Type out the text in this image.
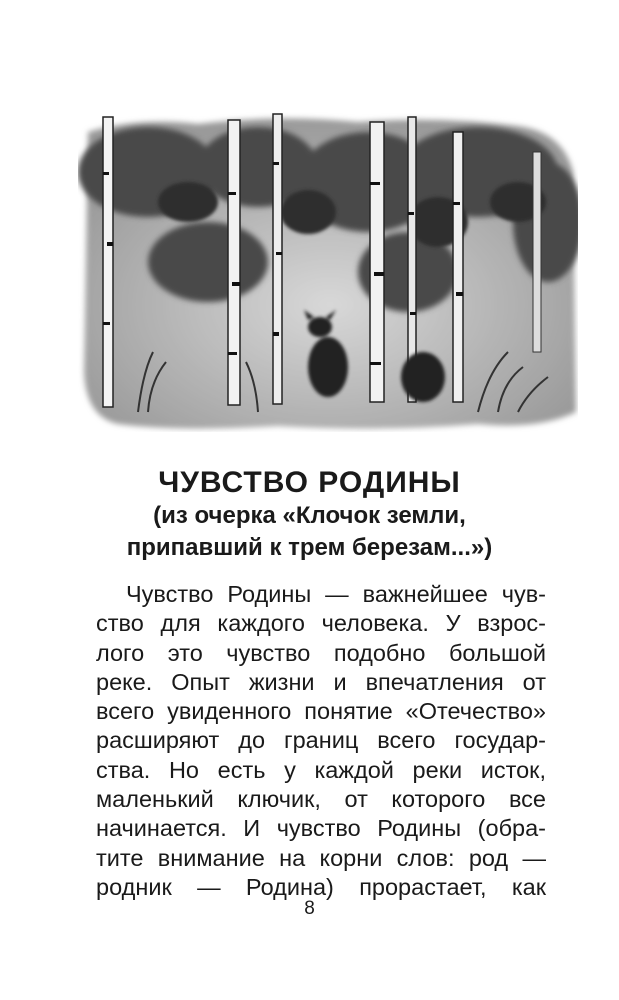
ЧУВСТВО РОДИНЫ
(из очерка «Клочок земли,
припавший к трем березам...»)
Чувство Родины — важнейшее чув-
ство для каждого человека. У взрос-
лого это чувство подобно большой
реке. Опыт жизни и впечатления от
всего увиденного понятие «Отечество»
расширяют до границ всего государ-
ства. Но есть у каждой реки исток,
маленький ключик, от которого все
начинается. И чувство Родины (обра-
тите внимание на корни слов: род —
родник — Родина) прорастает, как
8
